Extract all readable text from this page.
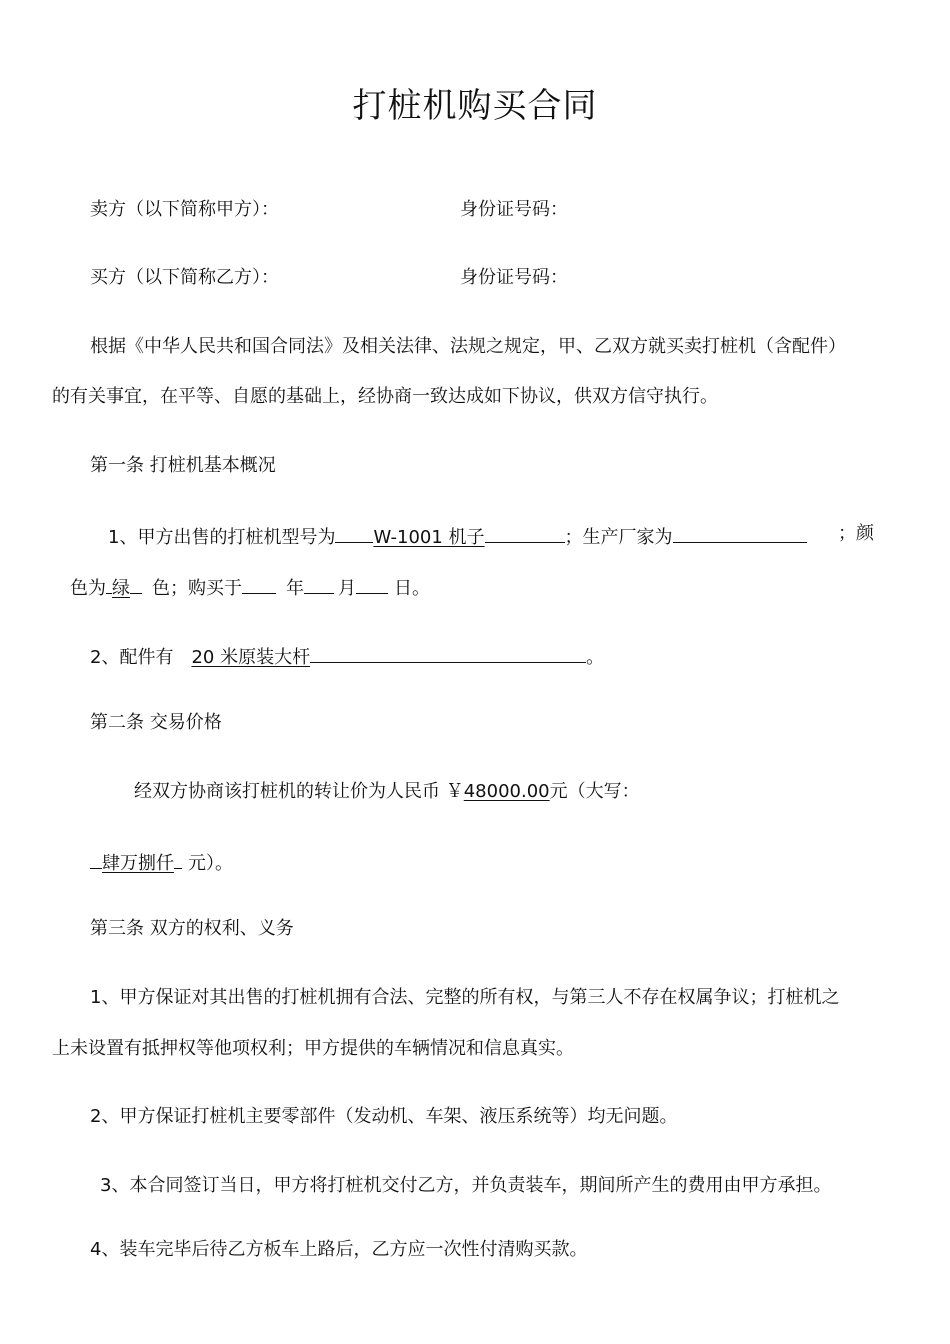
打桩机购买合同
卖方（以下简称甲方）：	身份证号码：
买方（以下简称乙方）：	身份证号码：
根据《中华人民共和国合同法》及相关法律、法规之规定，甲、乙双方就买卖打桩机（含配件）
的有关事宜，在平等、自愿的基础上，经协商一致达成如下协议，供双方信守执行。
第一条 打桩机基本概况
1、甲方出售的打桩机型号为 W-1001 机子	；生产厂家为	；颜
色为 绿 色；购买于 年 月 日。
2、配件有 20 米原装大杆	。
第二条 交易价格
经双方协商该打桩机的转让价为人民币 ￥48000.00元（大写：
肆万捌仟 元）。
第三条 双方的权利、义务
1、甲方保证对其出售的打桩机拥有合法、完整的所有权，与第三人不存在权属争议；打桩机之
上未设置有抵押权等他项权利；甲方提供的车辆情况和信息真实。
2、甲方保证打桩机主要零部件（发动机、车架、液压系统等）均无问题。
3、本合同签订当日，甲方将打桩机交付乙方，并负责装车，期间所产生的费用由甲方承担。
4、装车完毕后待乙方板车上路后，乙方应一次性付清购买款。
